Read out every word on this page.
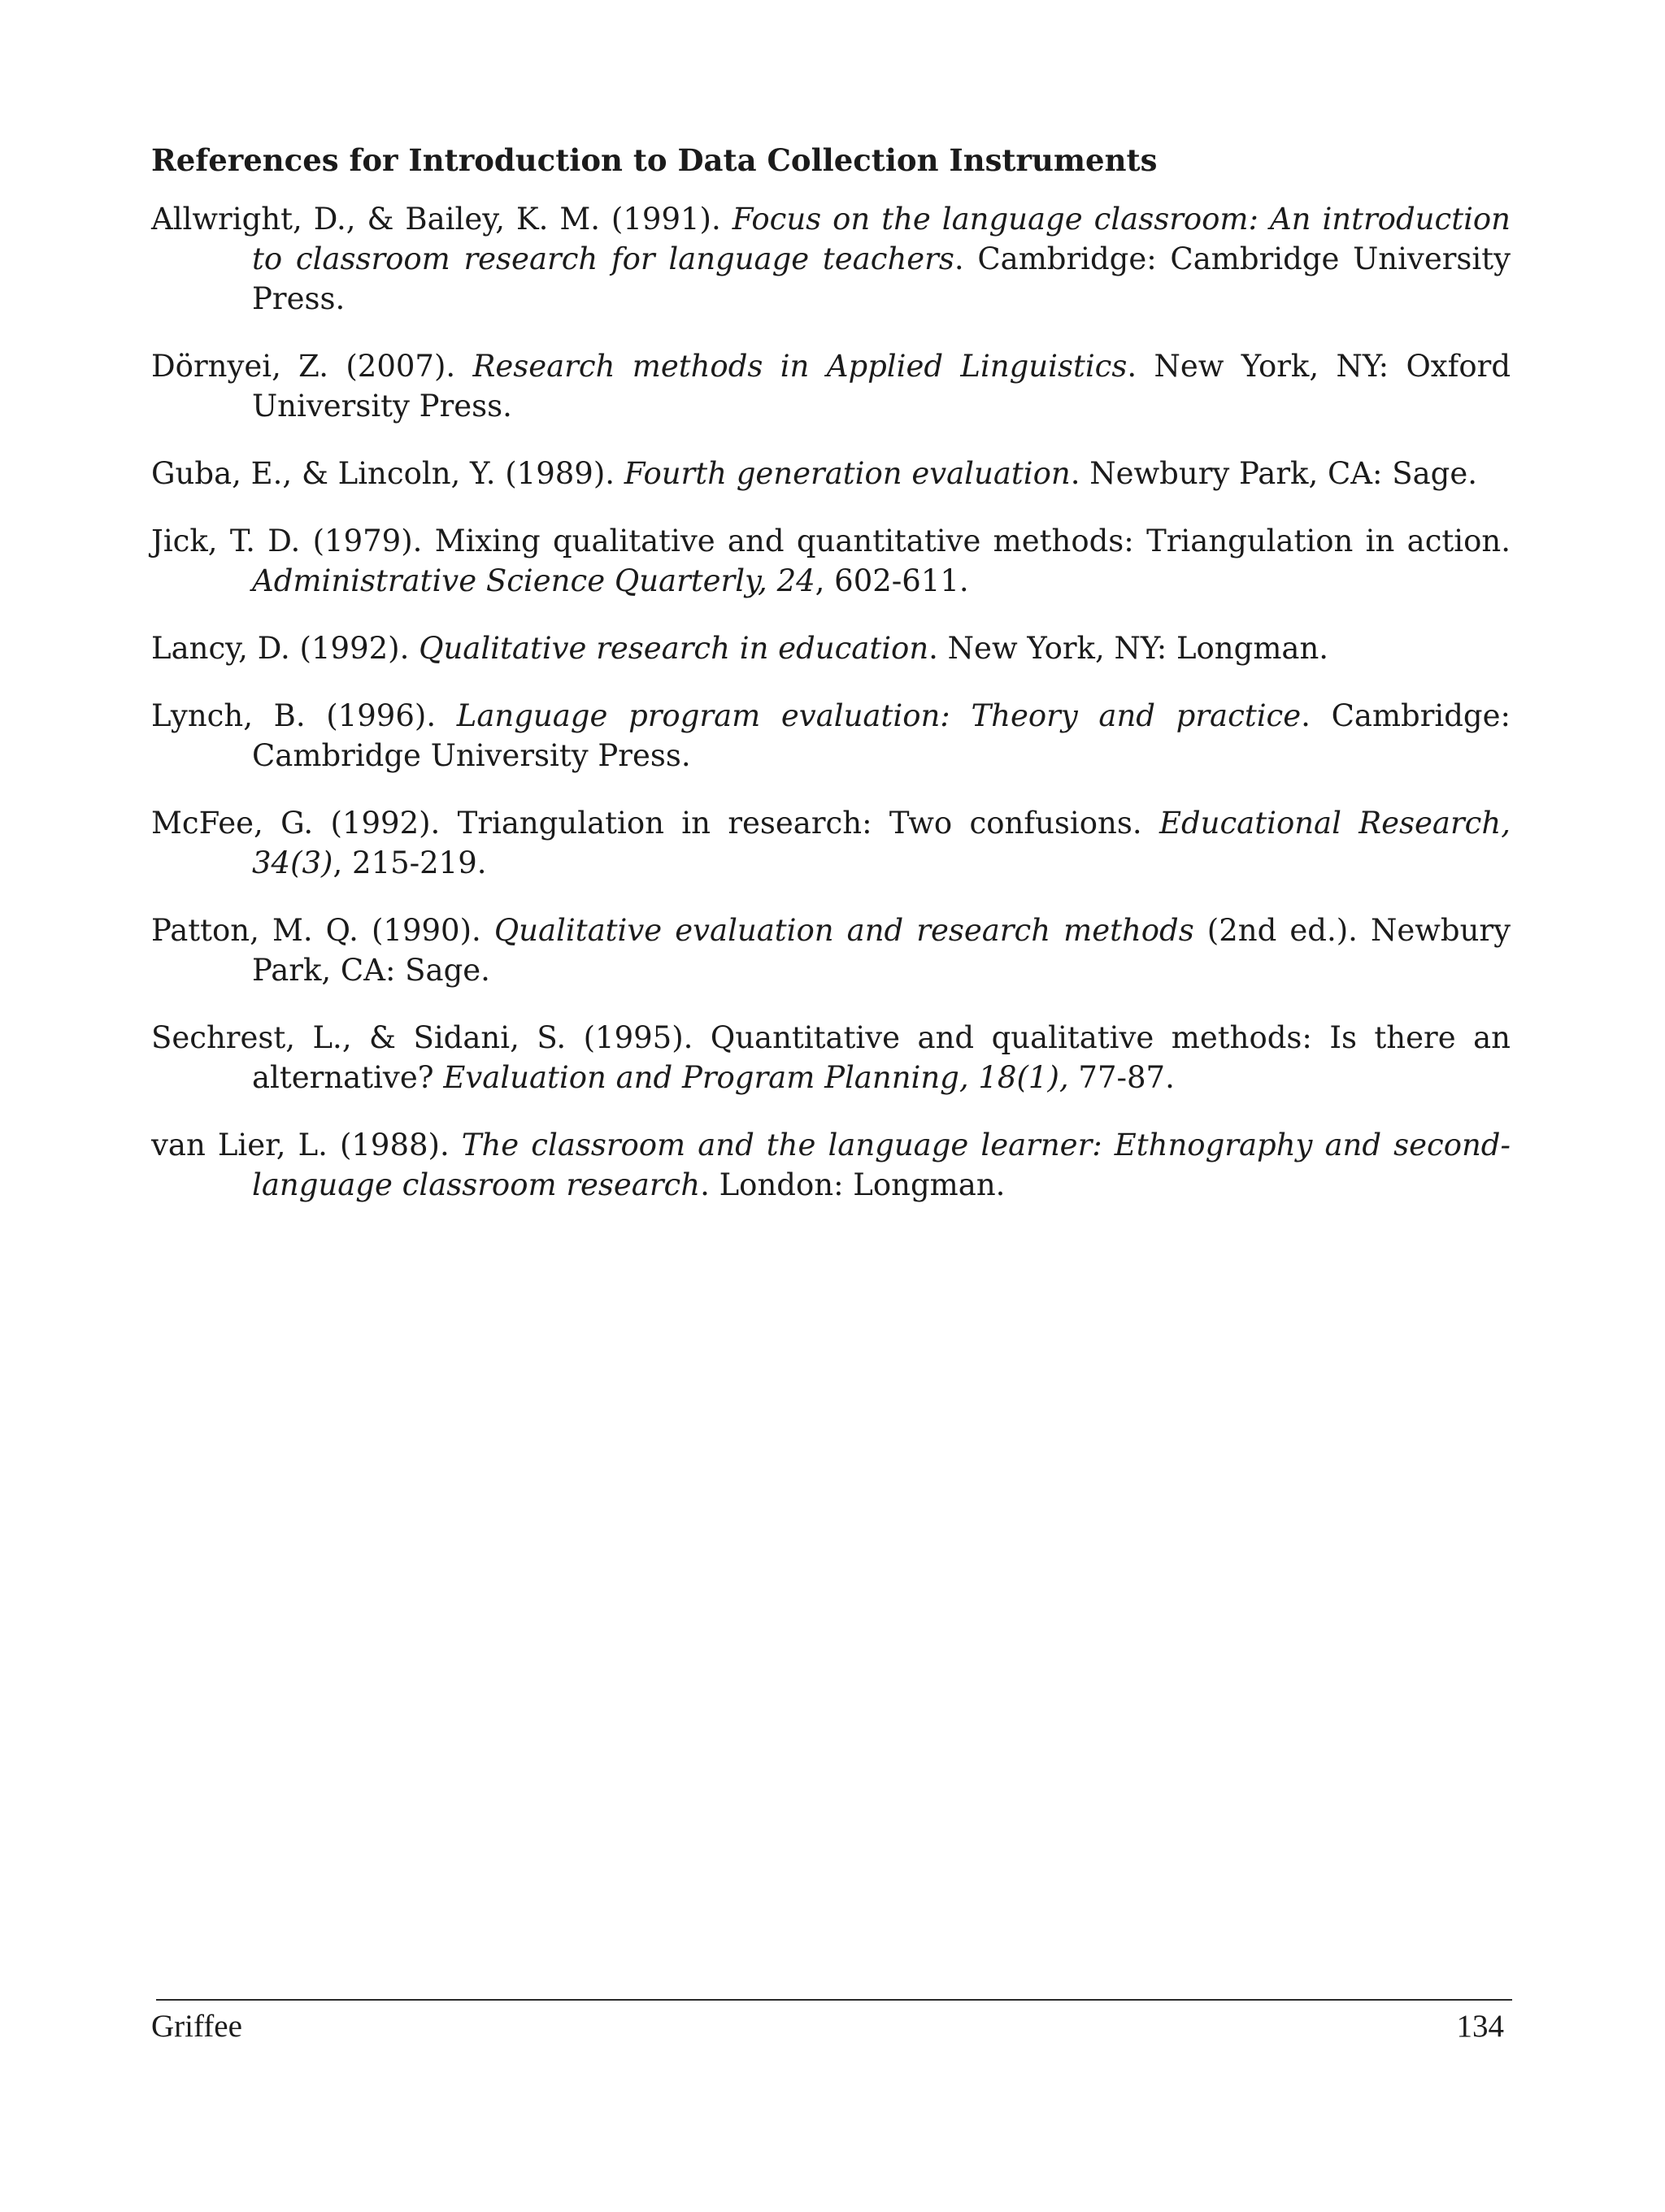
References for Introduction to Data Collection Instruments

Allwright, D., & Bailey, K. M. (1991). Focus on the language classroom: An introduction to classroom research for language teachers. Cambridge: Cambridge University Press.

Dörnyei, Z. (2007). Research methods in Applied Linguistics. New York, NY: Oxford University Press.

Guba, E., & Lincoln, Y. (1989). Fourth generation evaluation. Newbury Park, CA: Sage.

Jick, T. D. (1979). Mixing qualitative and quantitative methods: Triangulation in action. Administrative Science Quarterly, 24, 602-611.

Lancy, D. (1992). Qualitative research in education. New York, NY: Longman.

Lynch, B. (1996). Language program evaluation: Theory and practice. Cambridge: Cambridge University Press.

McFee, G. (1992). Triangulation in research: Two confusions. Educational Research, 34(3), 215-219.

Patton, M. Q. (1990). Qualitative evaluation and research methods (2nd ed.). Newbury Park, CA: Sage.

Sechrest, L., & Sidani, S. (1995). Quantitative and qualitative methods: Is there an alternative? Evaluation and Program Planning, 18(1), 77-87.

van Lier, L. (1988). The classroom and the language learner: Ethnography and second-language classroom research. London: Longman.

Griffee	134
